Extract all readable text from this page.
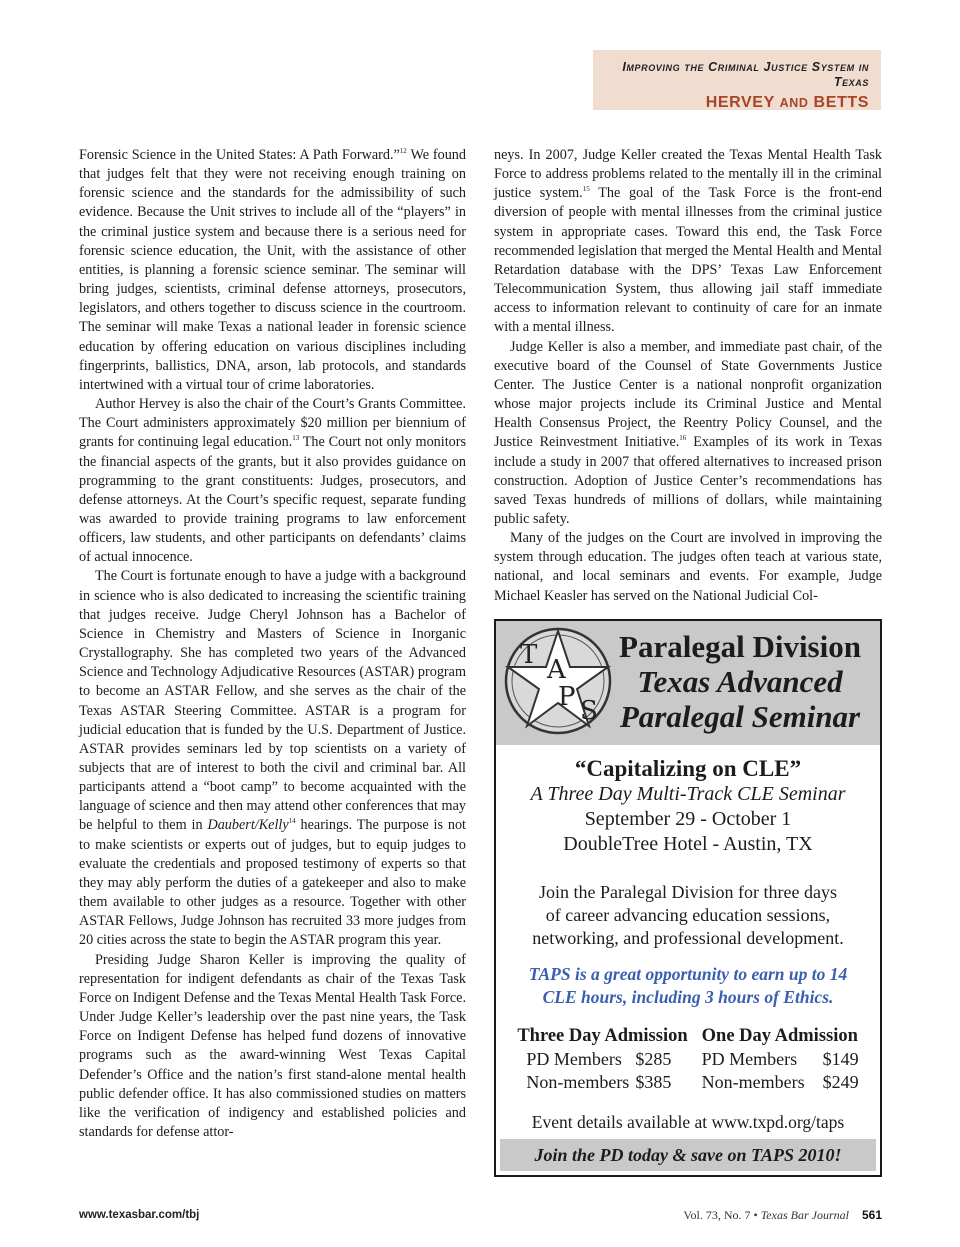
Improving the Criminal Justice System in Texas
HERVEY AND BETTS

Forensic Science in the United States: A Path Forward.”$^{12}$ We found that judges felt that they were not receiving enough training on forensic science and the standards for the admissibility of such evidence. Because the Unit strives to include all of the “players” in the criminal justice system and because there is a serious need for forensic science education, the Unit, with the assistance of other entities, is planning a forensic science seminar. The seminar will bring judges, scientists, criminal defense attorneys, prosecutors, legislators, and others together to discuss science in the courtroom. The seminar will make Texas a national leader in forensic science education by offering education on various disciplines including fingerprints, ballistics, DNA, arson, lab protocols, and standards intertwined with a virtual tour of crime laboratories.

Author Hervey is also the chair of the Court’s Grants Committee. The Court administers approximately $20 million per biennium of grants for continuing legal education.$^{13}$ The Court not only monitors the financial aspects of the grants, but it also provides guidance on programming to the grant constituents: Judges, prosecutors, and defense attorneys. At the Court’s specific request, separate funding was awarded to provide training programs to law enforcement officers, law students, and other participants on defendants’ claims of actual innocence.

The Court is fortunate enough to have a judge with a background in science who is also dedicated to increasing the scientific training that judges receive. Judge Cheryl Johnson has a Bachelor of Science in Chemistry and Masters of Science in Inorganic Crystallography. She has completed two years of the Advanced Science and Technology Adjudicative Resources (ASTAR) program to become an ASTAR Fellow, and she serves as the chair of the Texas ASTAR Steering Committee. ASTAR is a program for judicial education that is funded by the U.S. Department of Justice. ASTAR provides seminars led by top scientists on a variety of subjects that are of interest to both the civil and criminal bar. All participants attend a “boot camp” to become acquainted with the language of science and then may attend other conferences that may be helpful to them in Daubert/Kelly$^{14}$ hearings. The purpose is not to make scientists or experts out of judges, but to equip judges to evaluate the credentials and proposed testimony of experts so that they may ably perform the duties of a gatekeeper and also to make them available to other judges as a resource. Together with other ASTAR Fellows, Judge Johnson has recruited 33 more judges from 20 cities across the state to begin the ASTAR program this year.

Presiding Judge Sharon Keller is improving the quality of representation for indigent defendants as chair of the Texas Task Force on Indigent Defense and the Texas Mental Health Task Force. Under Judge Keller’s leadership over the past nine years, the Task Force on Indigent Defense has helped fund dozens of innovative programs such as the award-winning West Texas Capital Defender’s Office and the nation’s first stand-alone mental health public defender office. It has also commissioned studies on matters like the verification of indigency and established policies and standards for defense attor-

neys. In 2007, Judge Keller created the Texas Mental Health Task Force to address problems related to the mentally ill in the criminal justice system.$^{15}$ The goal of the Task Force is the front-end diversion of people with mental illnesses from the criminal justice system in appropriate cases. Toward this end, the Task Force recommended legislation that merged the Mental Health and Mental Retardation database with the DPS’ Texas Law Enforcement Telecommunication System, thus allowing jail staff immediate access to information relevant to continuity of care for an inmate with a mental illness.

Judge Keller is also a member, and immediate past chair, of the executive board of the Counsel of State Governments Justice Center. The Justice Center is a national nonprofit organization whose major projects include its Criminal Justice and Mental Health Consensus Project, the Reentry Policy Counsel, and the Justice Reinvestment Initiative.$^{16}$ Examples of its work in Texas include a study in 2007 that offered alternatives to increased prison construction. Adoption of Justice Center’s recommendations has saved Texas hundreds of millions of dollars, while maintaining public safety.

Many of the judges on the Court are involved in improving the system through education. The judges often teach at various state, national, and local seminars and events. For example, Judge Michael Keasler has served on the National Judicial Col-

T A
P S
Paralegal Division
Texas Advanced
Paralegal Seminar
“Capitalizing on CLE”
A Three Day Multi-Track CLE Seminar
September 29 - October 1
DoubleTree Hotel - Austin, TX
Join the Paralegal Division for three days
of career advancing education sessions,
networking, and professional development.
TAPS is a great opportunity to earn up to 14
CLE hours, including 3 hours of Ethics.
Three Day Admission
PD Members $285
Non-members $385
One Day Admission
PD Members $149
Non-members $249
Event details available at www.txpd.org/taps
Join the PD today & save on TAPS 2010!
www.texasbar.com/tbj	Vol. 73, No. 7 • Texas Bar Journal 561
